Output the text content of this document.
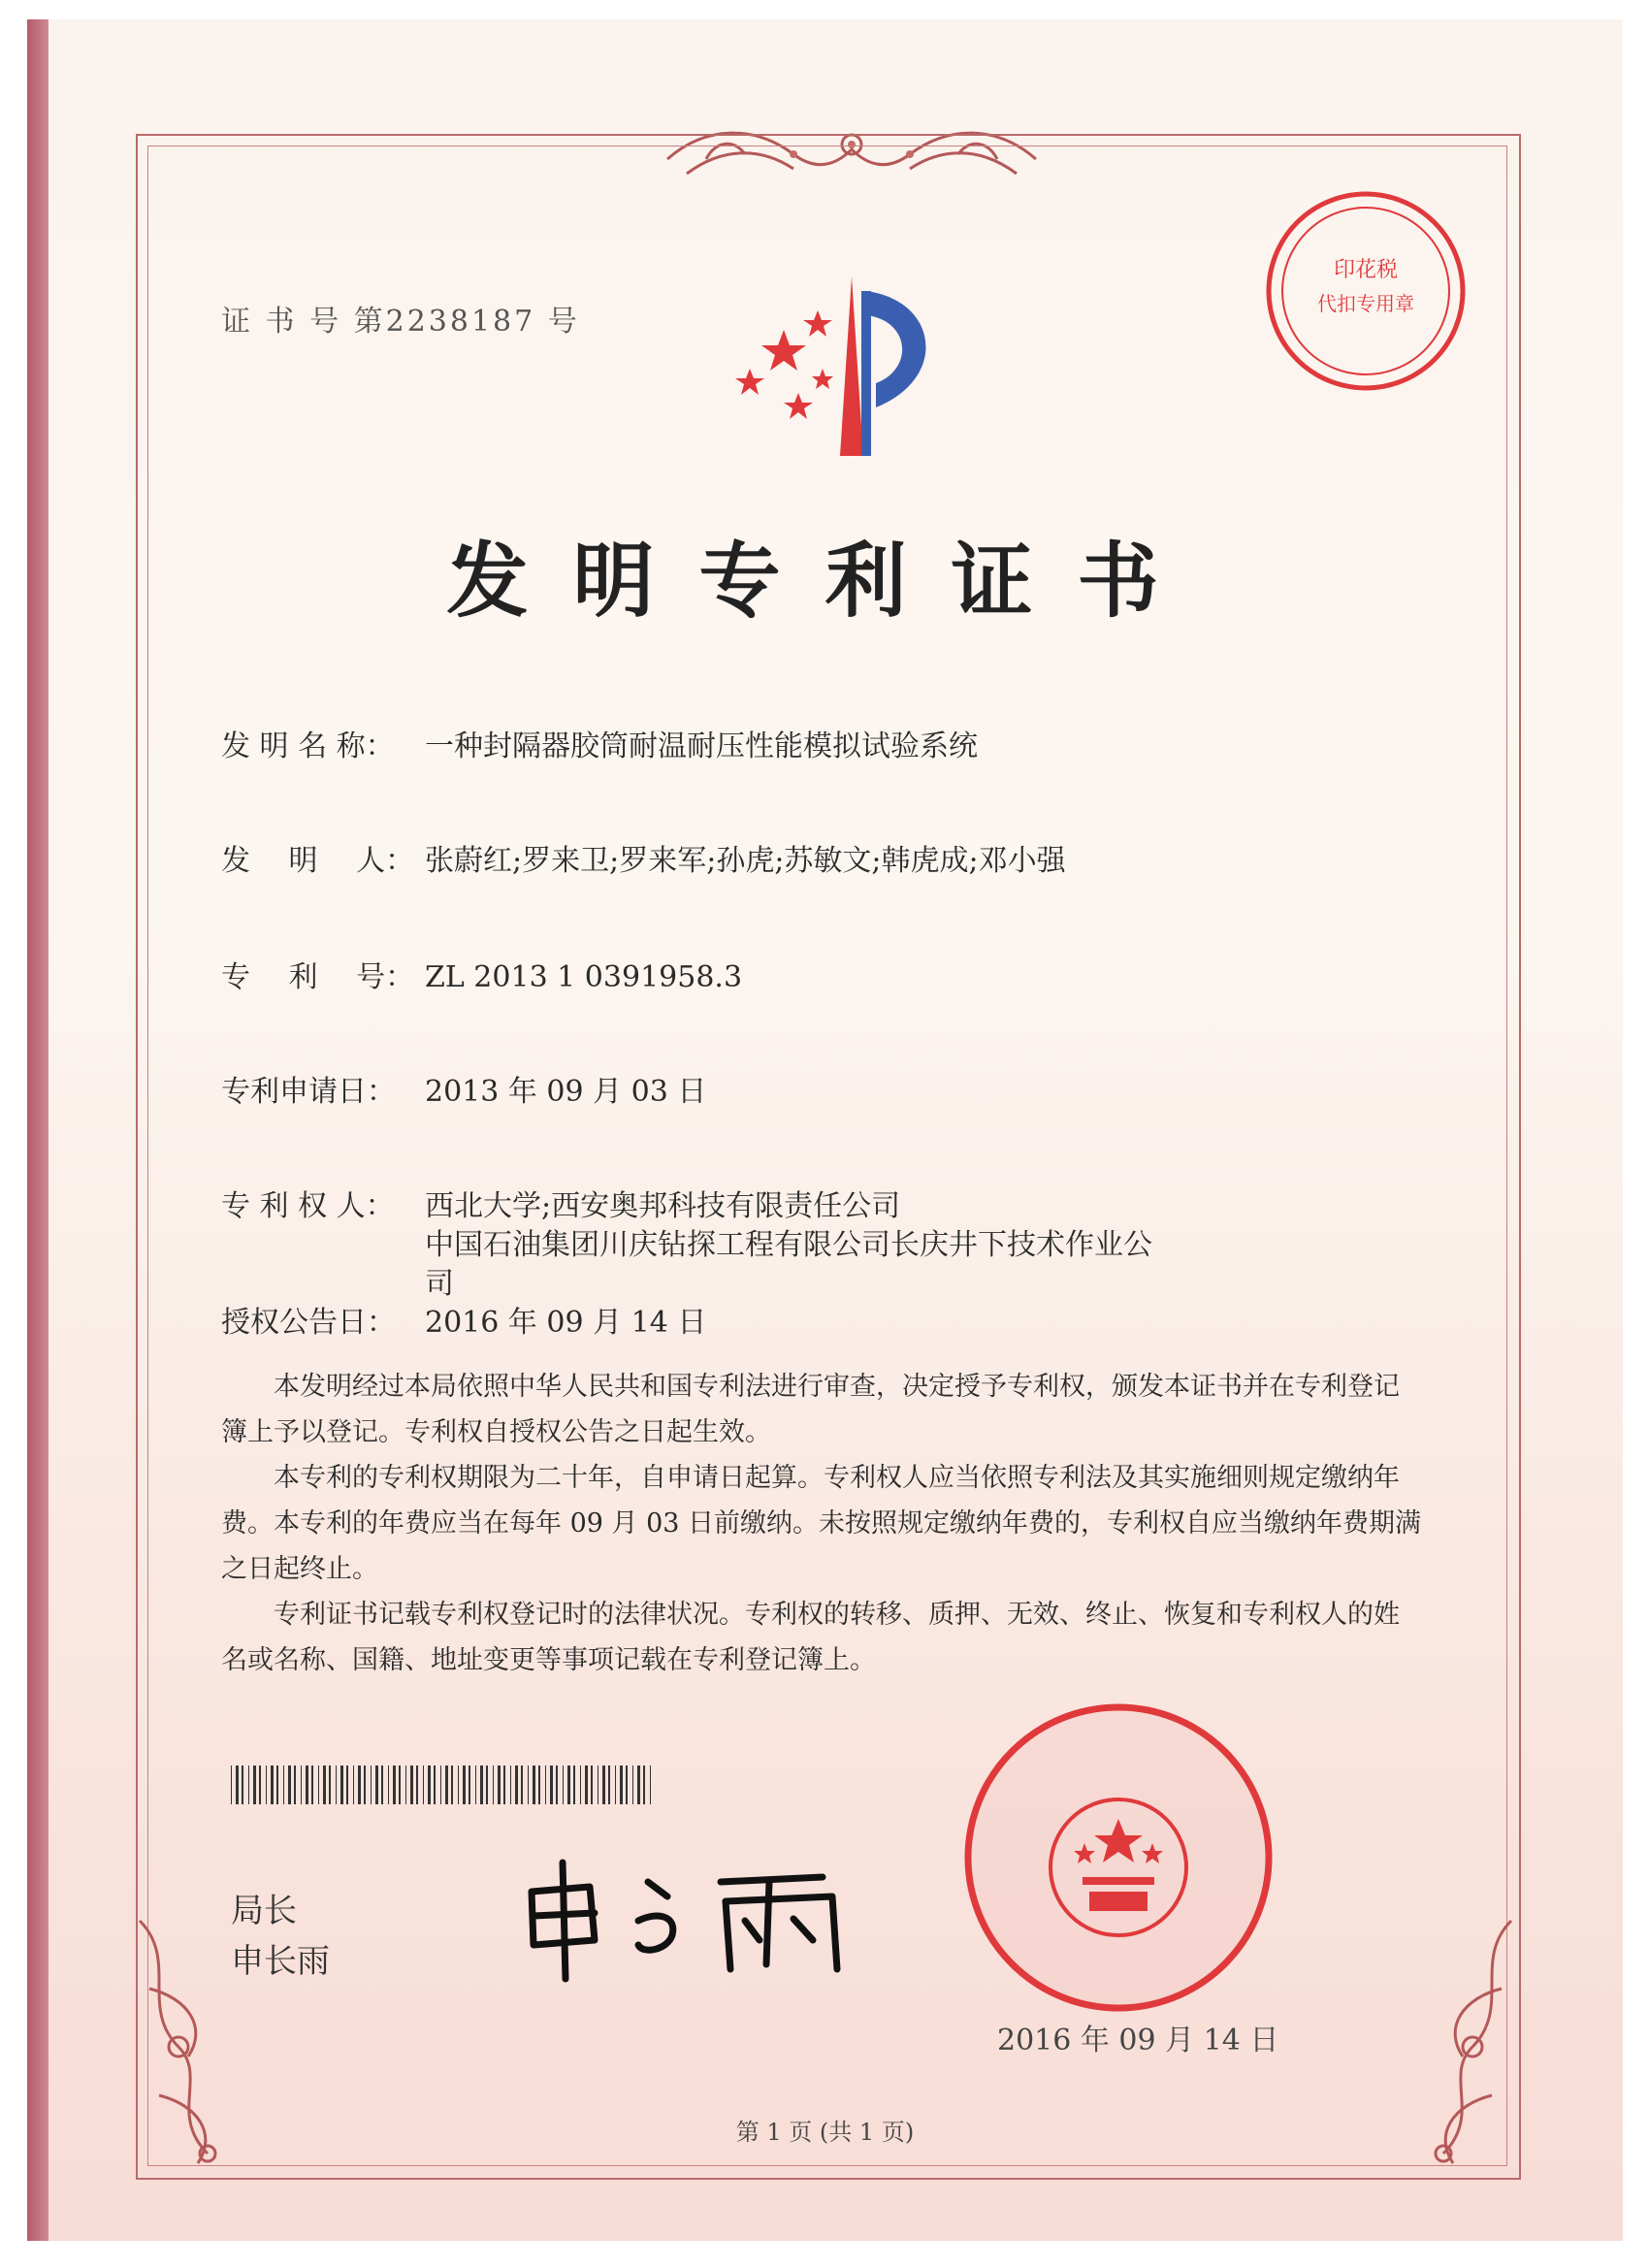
证 书 号 第2238187 号
印花税
代扣专用章
发明专利证书
发 明 名 称： 一种封隔器胶筒耐温耐压性能模拟试验系统
发　 明 　人： 张蔚红;罗来卫;罗来军;孙虎;苏敏文;韩虎成;邓小强
专　 利 　号： ZL 2013 1 0391958.3
专利申请日： 2013 年 09 月 03 日
专 利 权 人： 西北大学;西安奥邦科技有限责任公司
中国石油集团川庆钻探工程有限公司长庆井下技术作业公
司
授权公告日： 2016 年 09 月 14 日

本发明经过本局依照中华人民共和国专利法进行审查，决定授予专利权，颁发本证书并在专利登记簿上予以登记。专利权自授权公告之日起生效。

本专利的专利权期限为二十年，自申请日起算。专利权人应当依照专利法及其实施细则规定缴纳年费。本专利的年费应当在每年 09 月 03 日前缴纳。未按照规定缴纳年费的，专利权自应当缴纳年费期满之日起终止。

专利证书记载专利权登记时的法律状况。专利权的转移、质押、无效、终止、恢复和专利权人的姓名或名称、国籍、地址变更等事项记载在专利登记簿上。

局长
申长雨
2016 年 09 月 14 日
第 1 页 (共 1 页)
